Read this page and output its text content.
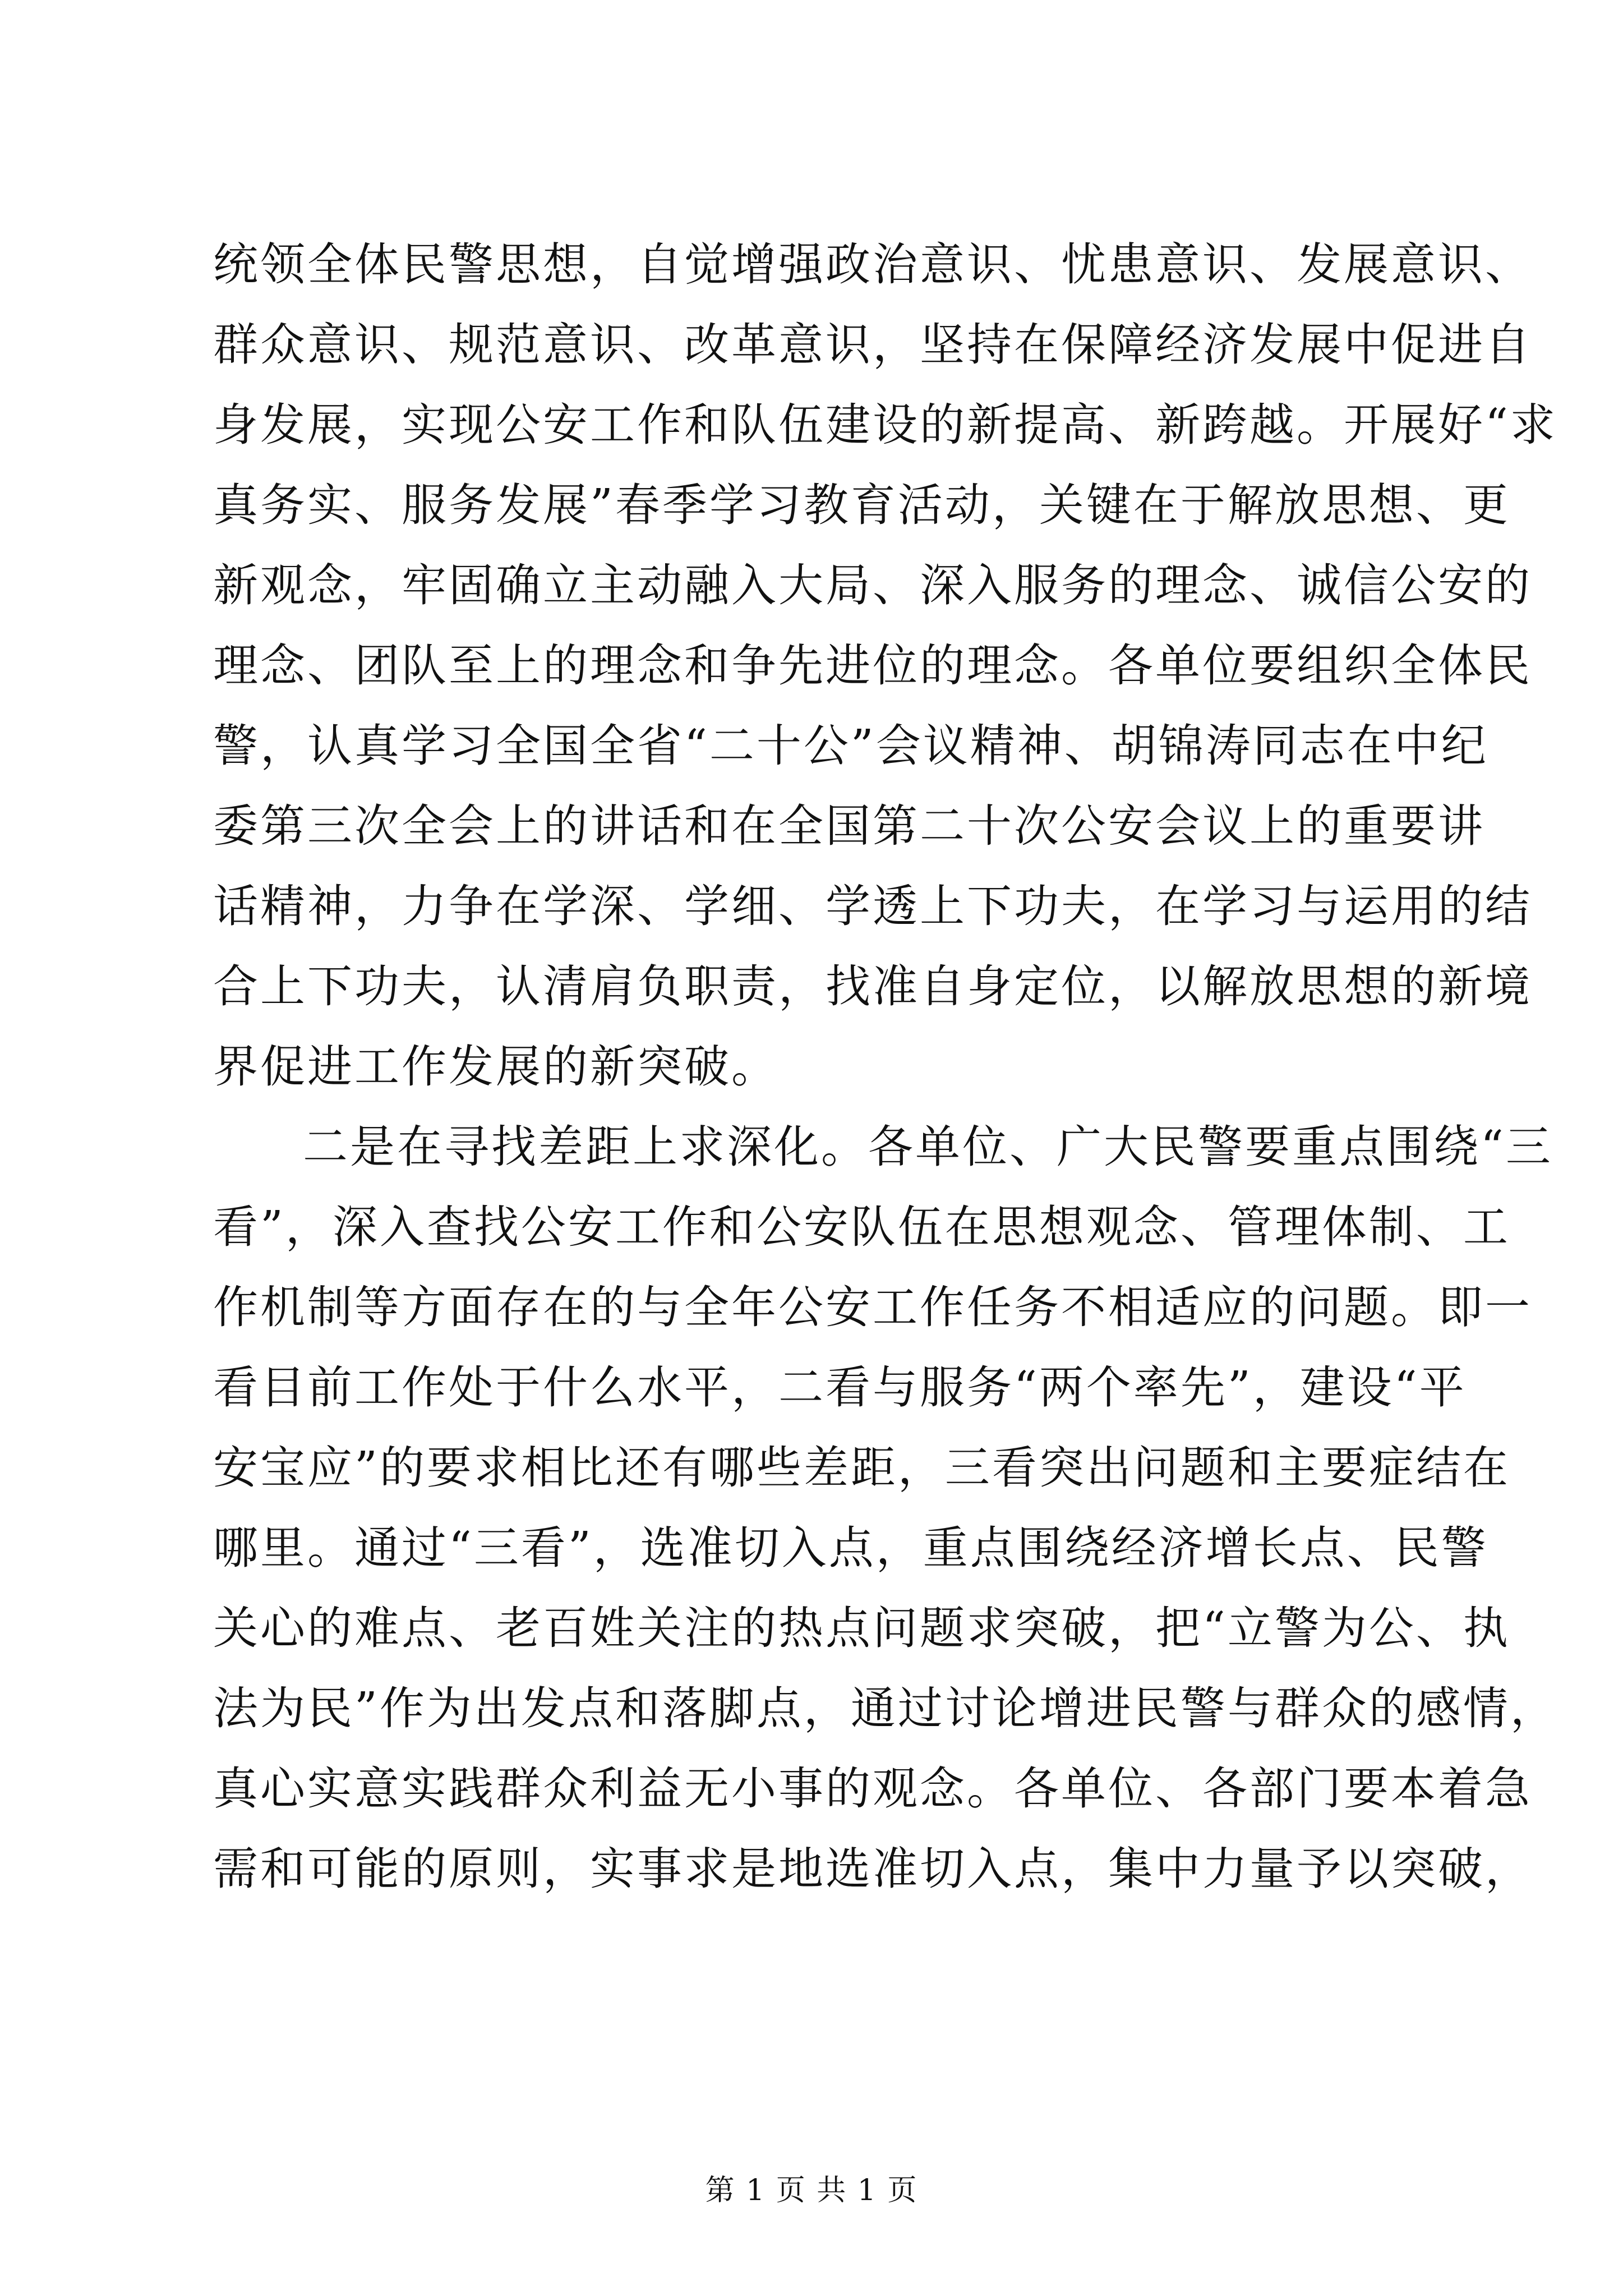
统领全体民警思想，自觉增强政治意识、忧患意识、发展意识、
群众意识、规范意识、改革意识，坚持在保障经济发展中促进自
身发展，实现公安工作和队伍建设的新提高、新跨越。开展好“求
真务实、服务发展”春季学习教育活动，关键在于解放思想、更
新观念，牢固确立主动融入大局、深入服务的理念、诚信公安的
理念、团队至上的理念和争先进位的理念。各单位要组织全体民
警，认真学习全国全省“二十公”会议精神、胡锦涛同志在中纪
委第三次全会上的讲话和在全国第二十次公安会议上的重要讲
话精神，力争在学深、学细、学透上下功夫，在学习与运用的结
合上下功夫，认清肩负职责，找准自身定位，以解放思想的新境
界促进工作发展的新突破。
二是在寻找差距上求深化。各单位、广大民警要重点围绕“三
看”，深入查找公安工作和公安队伍在思想观念、管理体制、工
作机制等方面存在的与全年公安工作任务不相适应的问题。即一
看目前工作处于什么水平，二看与服务“两个率先”，建设“平
安宝应”的要求相比还有哪些差距，三看突出问题和主要症结在
哪里。通过“三看”，选准切入点，重点围绕经济增长点、民警
关心的难点、老百姓关注的热点问题求突破，把“立警为公、执
法为民”作为出发点和落脚点，通过讨论增进民警与群众的感情，
真心实意实践群众利益无小事的观念。各单位、各部门要本着急
需和可能的原则，实事求是地选准切入点，集中力量予以突破，
第 1 页 共 1 页
